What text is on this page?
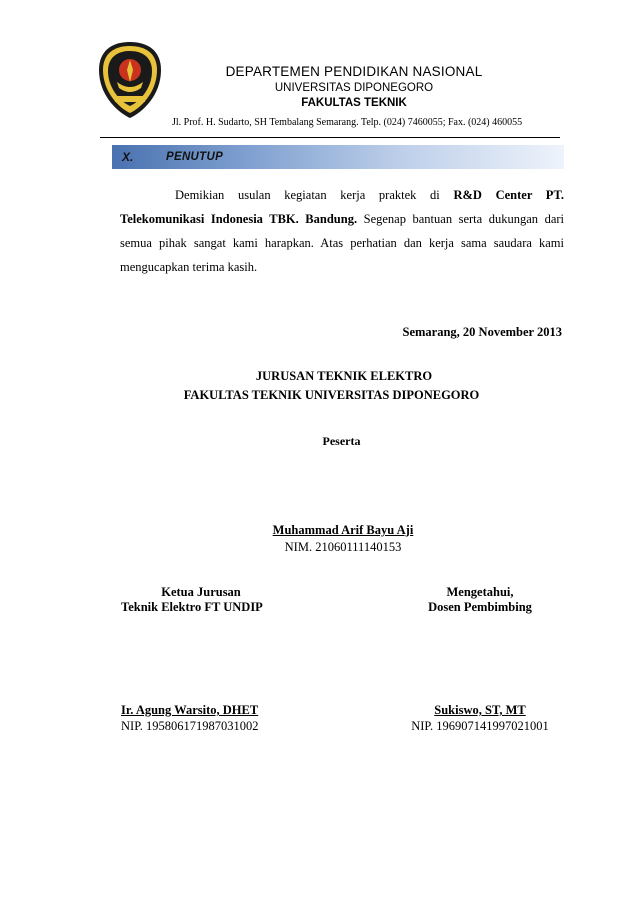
DEPARTEMEN PENDIDIKAN NASIONAL
UNIVERSITAS DIPONEGORO
FAKULTAS TEKNIK
Jl. Prof. H. Sudarto, SH Tembalang Semarang. Telp. (024) 7460055; Fax. (024) 460055
X.	PENUTUP
Demikian usulan kegiatan kerja praktek di R&D Center PT. Telekomunikasi Indonesia TBK. Bandung. Segenap bantuan serta dukungan dari semua pihak sangat kami harapkan. Atas perhatian dan kerja sama saudara kami mengucapkan terima kasih.
Semarang, 20 November 2013
JURUSAN TEKNIK ELEKTRO
FAKULTAS TEKNIK UNIVERSITAS DIPONEGORO
Peserta
Muhammad Arif Bayu Aji
NIM. 21060111140153
Ketua Jurusan
Teknik Elektro FT UNDIP
Mengetahui,
Dosen Pembimbing
Ir. Agung Warsito, DHET
NIP. 195806171987031002
Sukiswo, ST, MT
NIP. 196907141997021001
